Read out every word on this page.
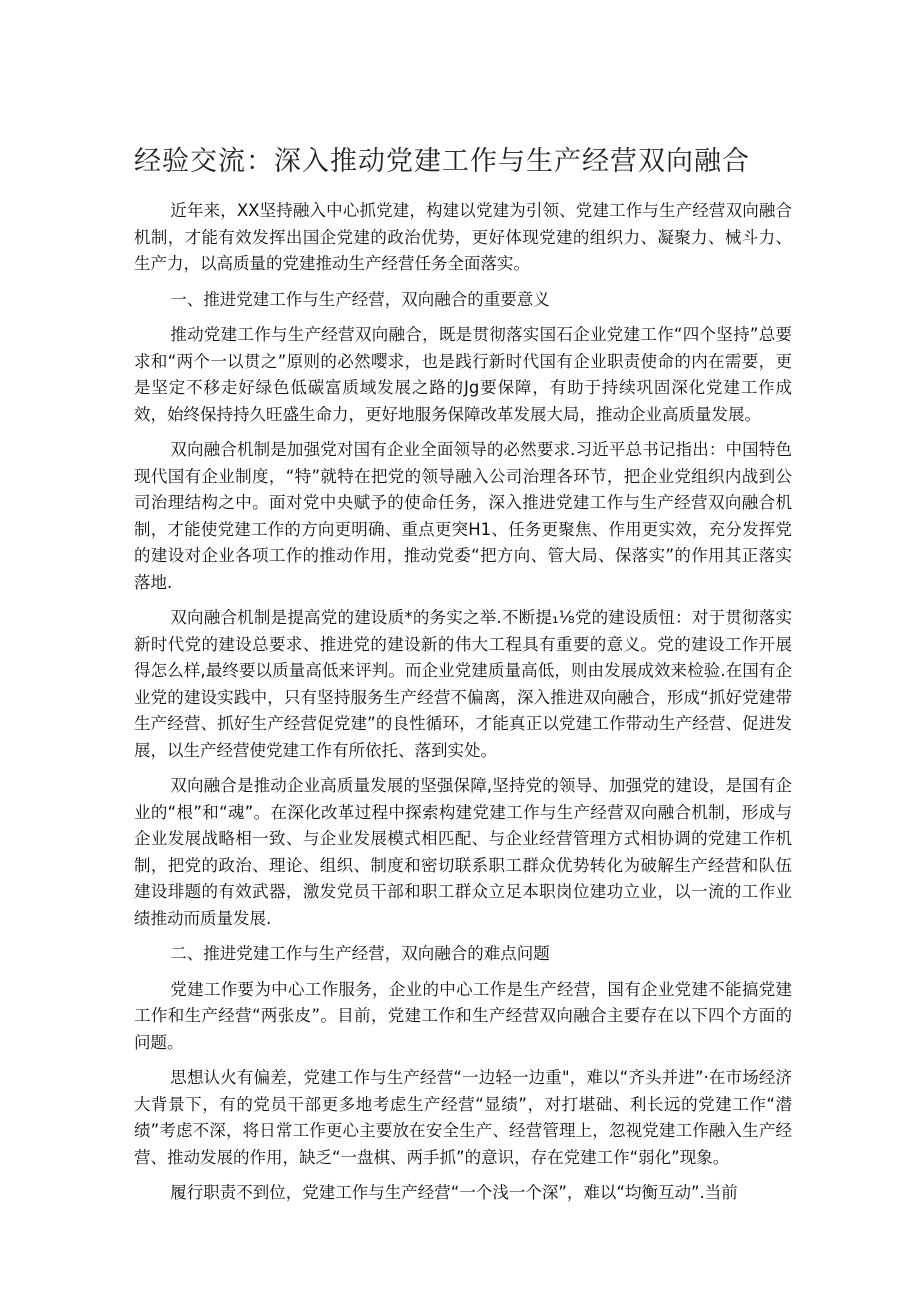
经验交流：深入推动党建工作与生产经营双向融合

近年来，XX坚持融入中心抓党建，构建以党建为引领、党建工作与生产经营双向融合机制，才能有效发挥出国企党建的政治优势，更好体现党建的组织力、凝聚力、械斗力、生产力，以高质量的党建推动生产经营任务全面落实。

一、推进党建工作与生产经营，双向融合的重要意义

推动党建工作与生产经营双向融合，既是贯彻落实国石企业党建工作“四个坚持”总要求和“两个一以贯之”原则的必然嘤求，也是践行新时代国有企业职责使命的内在需要，更是坚定不移走好绿色低碳富质域发展之路的Jg要保障，有助于持续巩固深化党建工作成效，始终保持持久旺盛生命力，更好地服务保障改革发展大局，推动企业高质量发展。

双向融合机制是加强党对国有企业全面领导的必然要求.习近平总书记指出：中国特色现代国有企业制度，“特”就特在把党的领导融入公司治理各环节，把企业党组织内战到公司治理结构之中。面对党中央赋予的使命任务，深入推进党建工作与生产经营双向融合机制，才能使党建工作的方向更明确、重点更突H1、任务更聚焦、作用更实效，充分发挥党的建设对企业各项工作的推动作用，推动党委“把方向、管大局、保落实”的作用其正落实落地.

双向融合机制是提高党的建设质*的务实之举.不断提₁⅛党的建设质忸：对于贯彻落实新时代党的建设总要求、推进党的建设新的伟大工程具有重要的意义。党的建设工作开展得怎么样,最终要以质量高低来评判。而企业党建质量高低，则由发展成效来检验.在国有企业党的建设实践中，只有坚持服务生产经营不偏离，深入推进双向融合，形成“抓好党建带生产经营、抓好生产经营促党建”的良性循环，才能真正以党建工作带动生产经营、促进发展，以生产经营使党建工作有所依托、落到实处。

双向融合是推动企业高质量发展的坚强保障,坚持党的领导、加强党的建设，是国有企业的“根”和“魂”。在深化改革过程中探索构建党建工作与生产经营双向融合机制，形成与企业发展战略相一致、与企业发展模式相匹配、与企业经营管理方式相协调的党建工作机制，把党的政治、理论、组织、制度和密切联系职工群众优势转化为破解生产经营和队伍建设琲题的有效武器，激发党员干部和职工群众立足本职岗位建功立业，以一流的工作业绩推动而质量发展.

二、推进党建工作与生产经营，双向融合的难点问题

党建工作要为中心工作服务，企业的中心工作是生产经营，国有企业党建不能搞党建工作和生产经营“两张皮”。目前，党建工作和生产经营双向融合主要存在以下四个方面的问题。

思想认火有偏差，党建工作与生产经营“一边轻一边重"，难以“齐头并进”·在市场经济大背景下，有的党员干部更多地考虑生产经营“显绩”，对打堪础、利长远的党建工作“潜绩”考虑不深，将日常工作更心主要放在安全生产、经营管理上，忽视党建工作融入生产经营、推动发展的作用，缺乏“一盘棋、两手抓”的意识，存在党建工作“弱化”现象。

履行职责不到位，党建工作与生产经营“一个浅一个深”，难以“均衡互动”.当前
